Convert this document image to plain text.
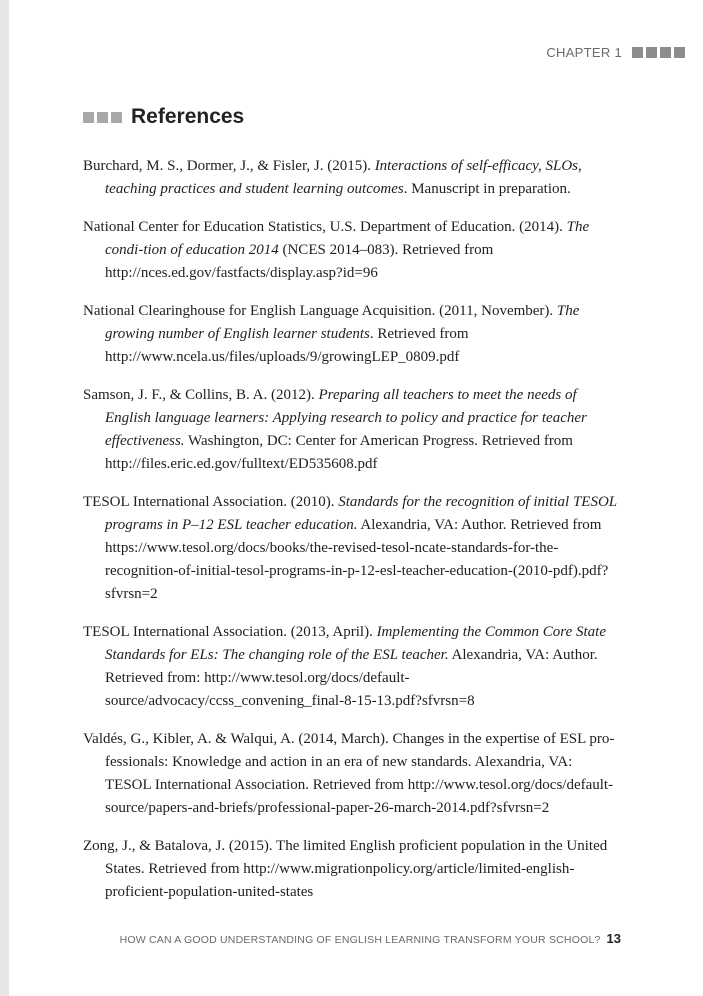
CHAPTER 1
References

Burchard, M. S., Dormer, J., & Fisler, J. (2015). Interactions of self-efficacy, SLOs, teaching practices and student learning outcomes. Manuscript in preparation.

National Center for Education Statistics, U.S. Department of Education. (2014). The condi-tion of education 2014 (NCES 2014–083). Retrieved from http://nces.ed.gov/fastfacts/display.asp?id=96

National Clearinghouse for English Language Acquisition. (2011, November). The growing number of English learner students. Retrieved from http://www.ncela.us/files/uploads/9/growingLEP_0809.pdf

Samson, J. F., & Collins, B. A. (2012). Preparing all teachers to meet the needs of English language learners: Applying research to policy and practice for teacher effectiveness. Washington, DC: Center for American Progress. Retrieved from http://files.eric.ed.gov/fulltext/ED535608.pdf

TESOL International Association. (2010). Standards for the recognition of initial TESOL programs in P–12 ESL teacher education. Alexandria, VA: Author. Retrieved from https://www.tesol.org/docs/books/the-revised-tesol-ncate-standards-for-the-recognition-of-initial-tesol-programs-in-p-12-esl-teacher-education-(2010-pdf).pdf?sfvrsn=2

TESOL International Association. (2013, April). Implementing the Common Core State Standards for ELs: The changing role of the ESL teacher. Alexandria, VA: Author. Retrieved from: http://www.tesol.org/docs/default-source/advocacy/ccss_convening_final-8-15-13.pdf?sfvrsn=8

Valdés, G., Kibler, A. & Walqui, A. (2014, March). Changes in the expertise of ESL pro-fessionals: Knowledge and action in an era of new standards. Alexandria, VA: TESOL International Association. Retrieved from http://www.tesol.org/docs/default-source/papers-and-briefs/professional-paper-26-march-2014.pdf?sfvrsn=2

Zong, J., & Batalova, J. (2015). The limited English proficient population in the United States. Retrieved from http://www.migrationpolicy.org/article/limited-english-proficient-population-united-states

HOW CAN A GOOD UNDERSTANDING OF ENGLISH LEARNING TRANSFORM YOUR SCHOOL? 13
